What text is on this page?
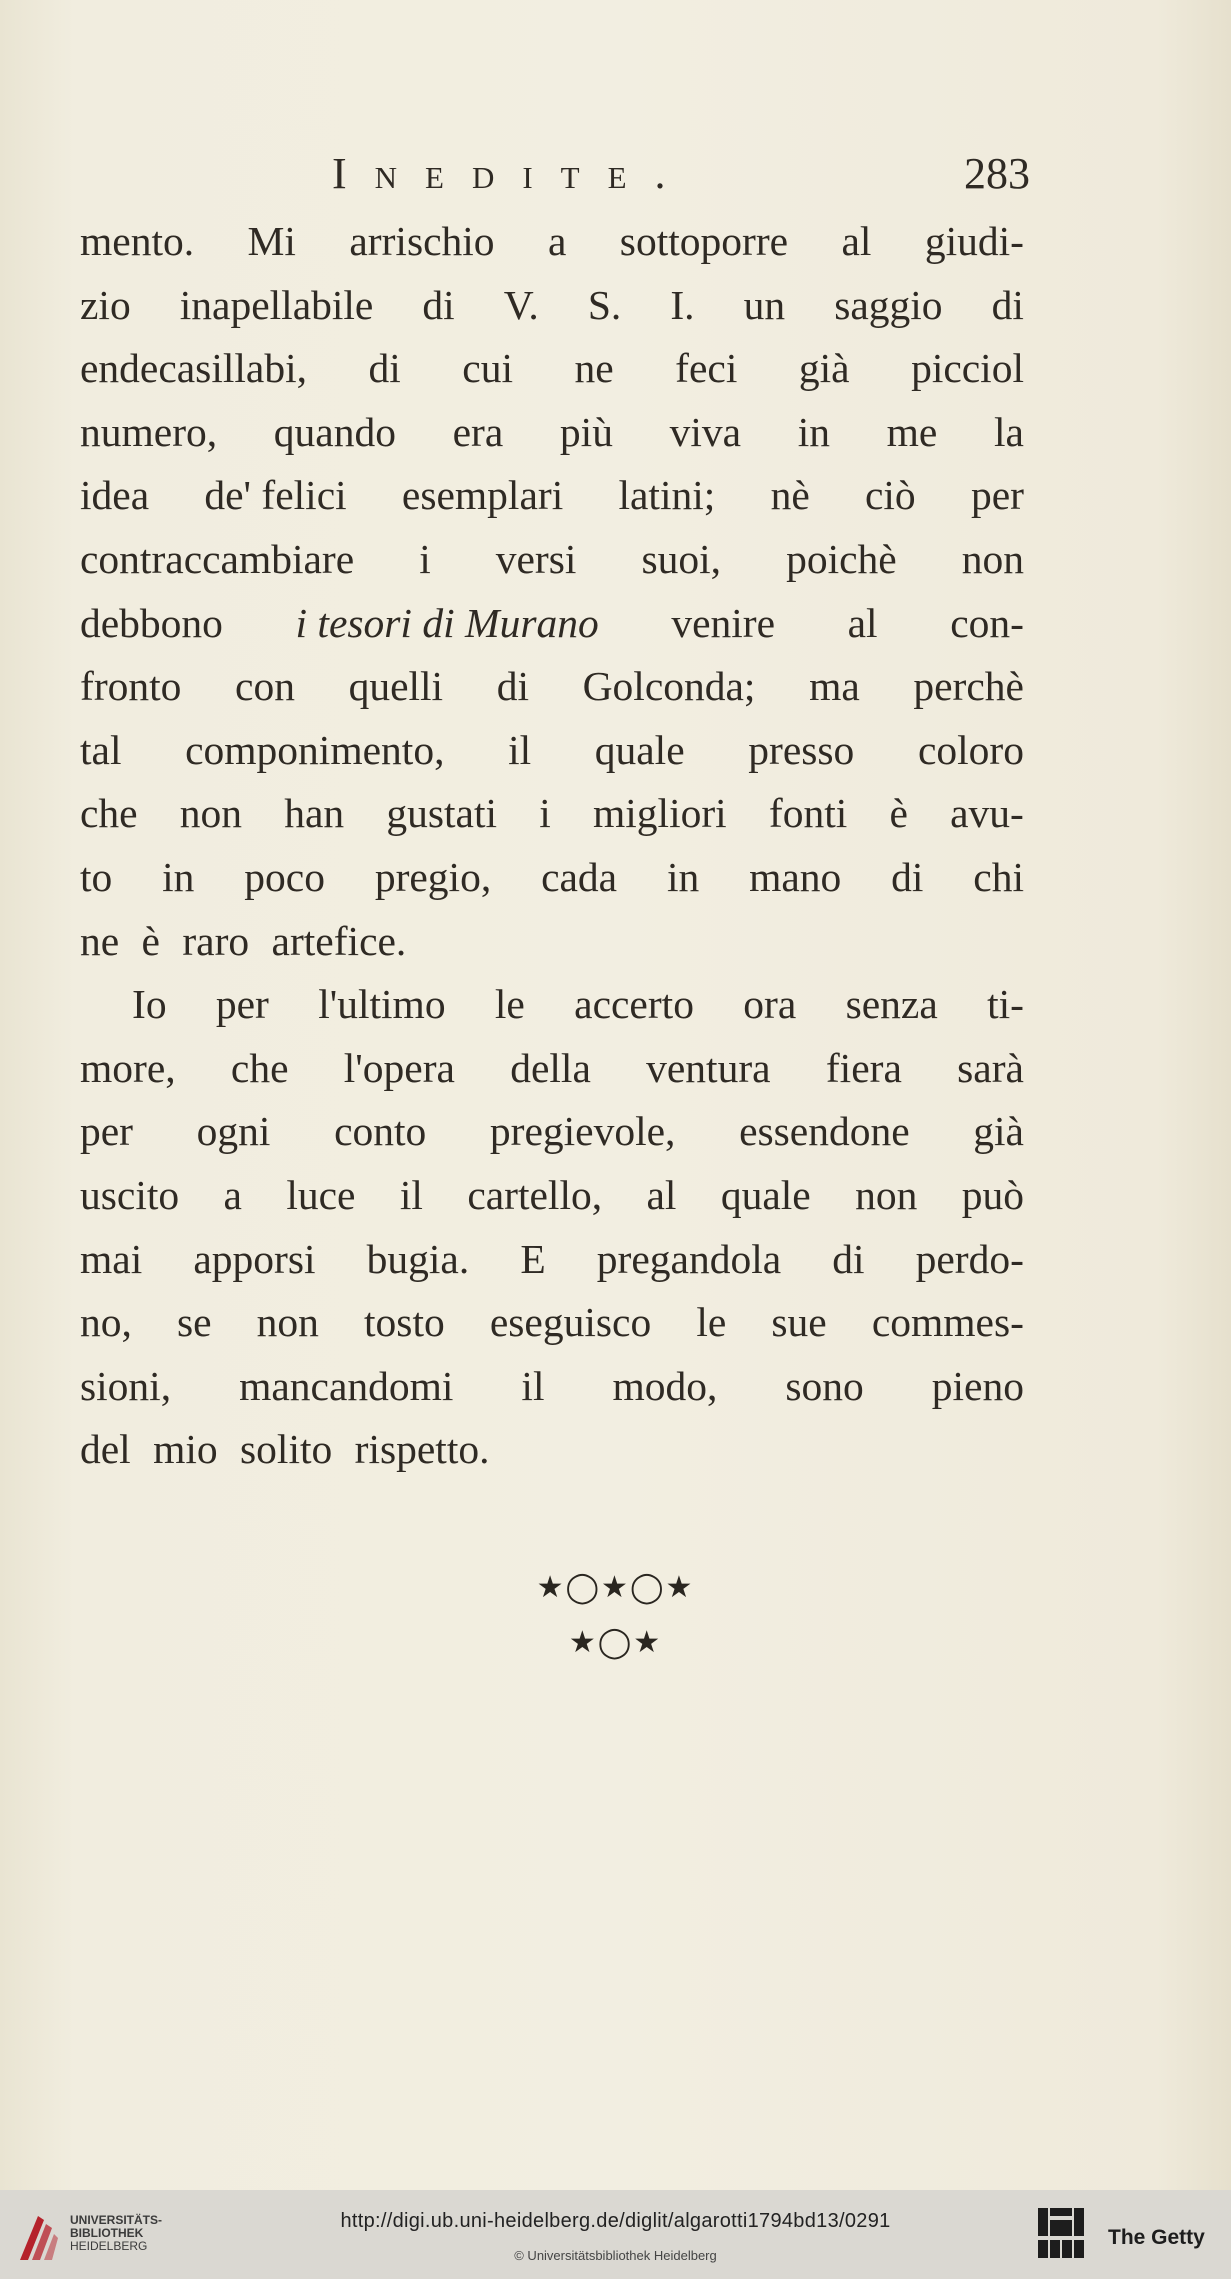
Inedite.	283
mento. Mi arrischio a sottoporre al giudi-
zio inapellabile di V. S. I. un saggio di
endecasillabi, di cui ne feci già picciol
numero, quando era più viva in me la
idea de' felici esemplari latini; nè ciò per
contraccambiare i versi suoi, poichè non
debbono i tesori di Murano venire al con-
fronto con quelli di Golconda; ma perchè
tal componimento, il quale presso coloro
che non han gustati i migliori fonti è avu-
to in poco pregio, cada in mano di chi
ne è raro artefice.
Io per l'ultimo le accerto ora senza ti-
more, che l'opera della ventura fiera sarà
per ogni conto pregievole, essendone già
uscito a luce il cartello, al quale non può
mai apporsi bugia. E pregandola di perdo-
no, se non tosto eseguisco le sue commes-
sioni, mancandomi il modo, sono pieno
del mio solito rispetto.
★◯★◯★
★◯★
UNIVERSITÄTS-
BIBLIOTHEK
HEIDELBERG
http://digi.ub.uni-heidelberg.de/diglit/algarotti1794bd13/0291
© Universitätsbibliothek Heidelberg
The Getty
